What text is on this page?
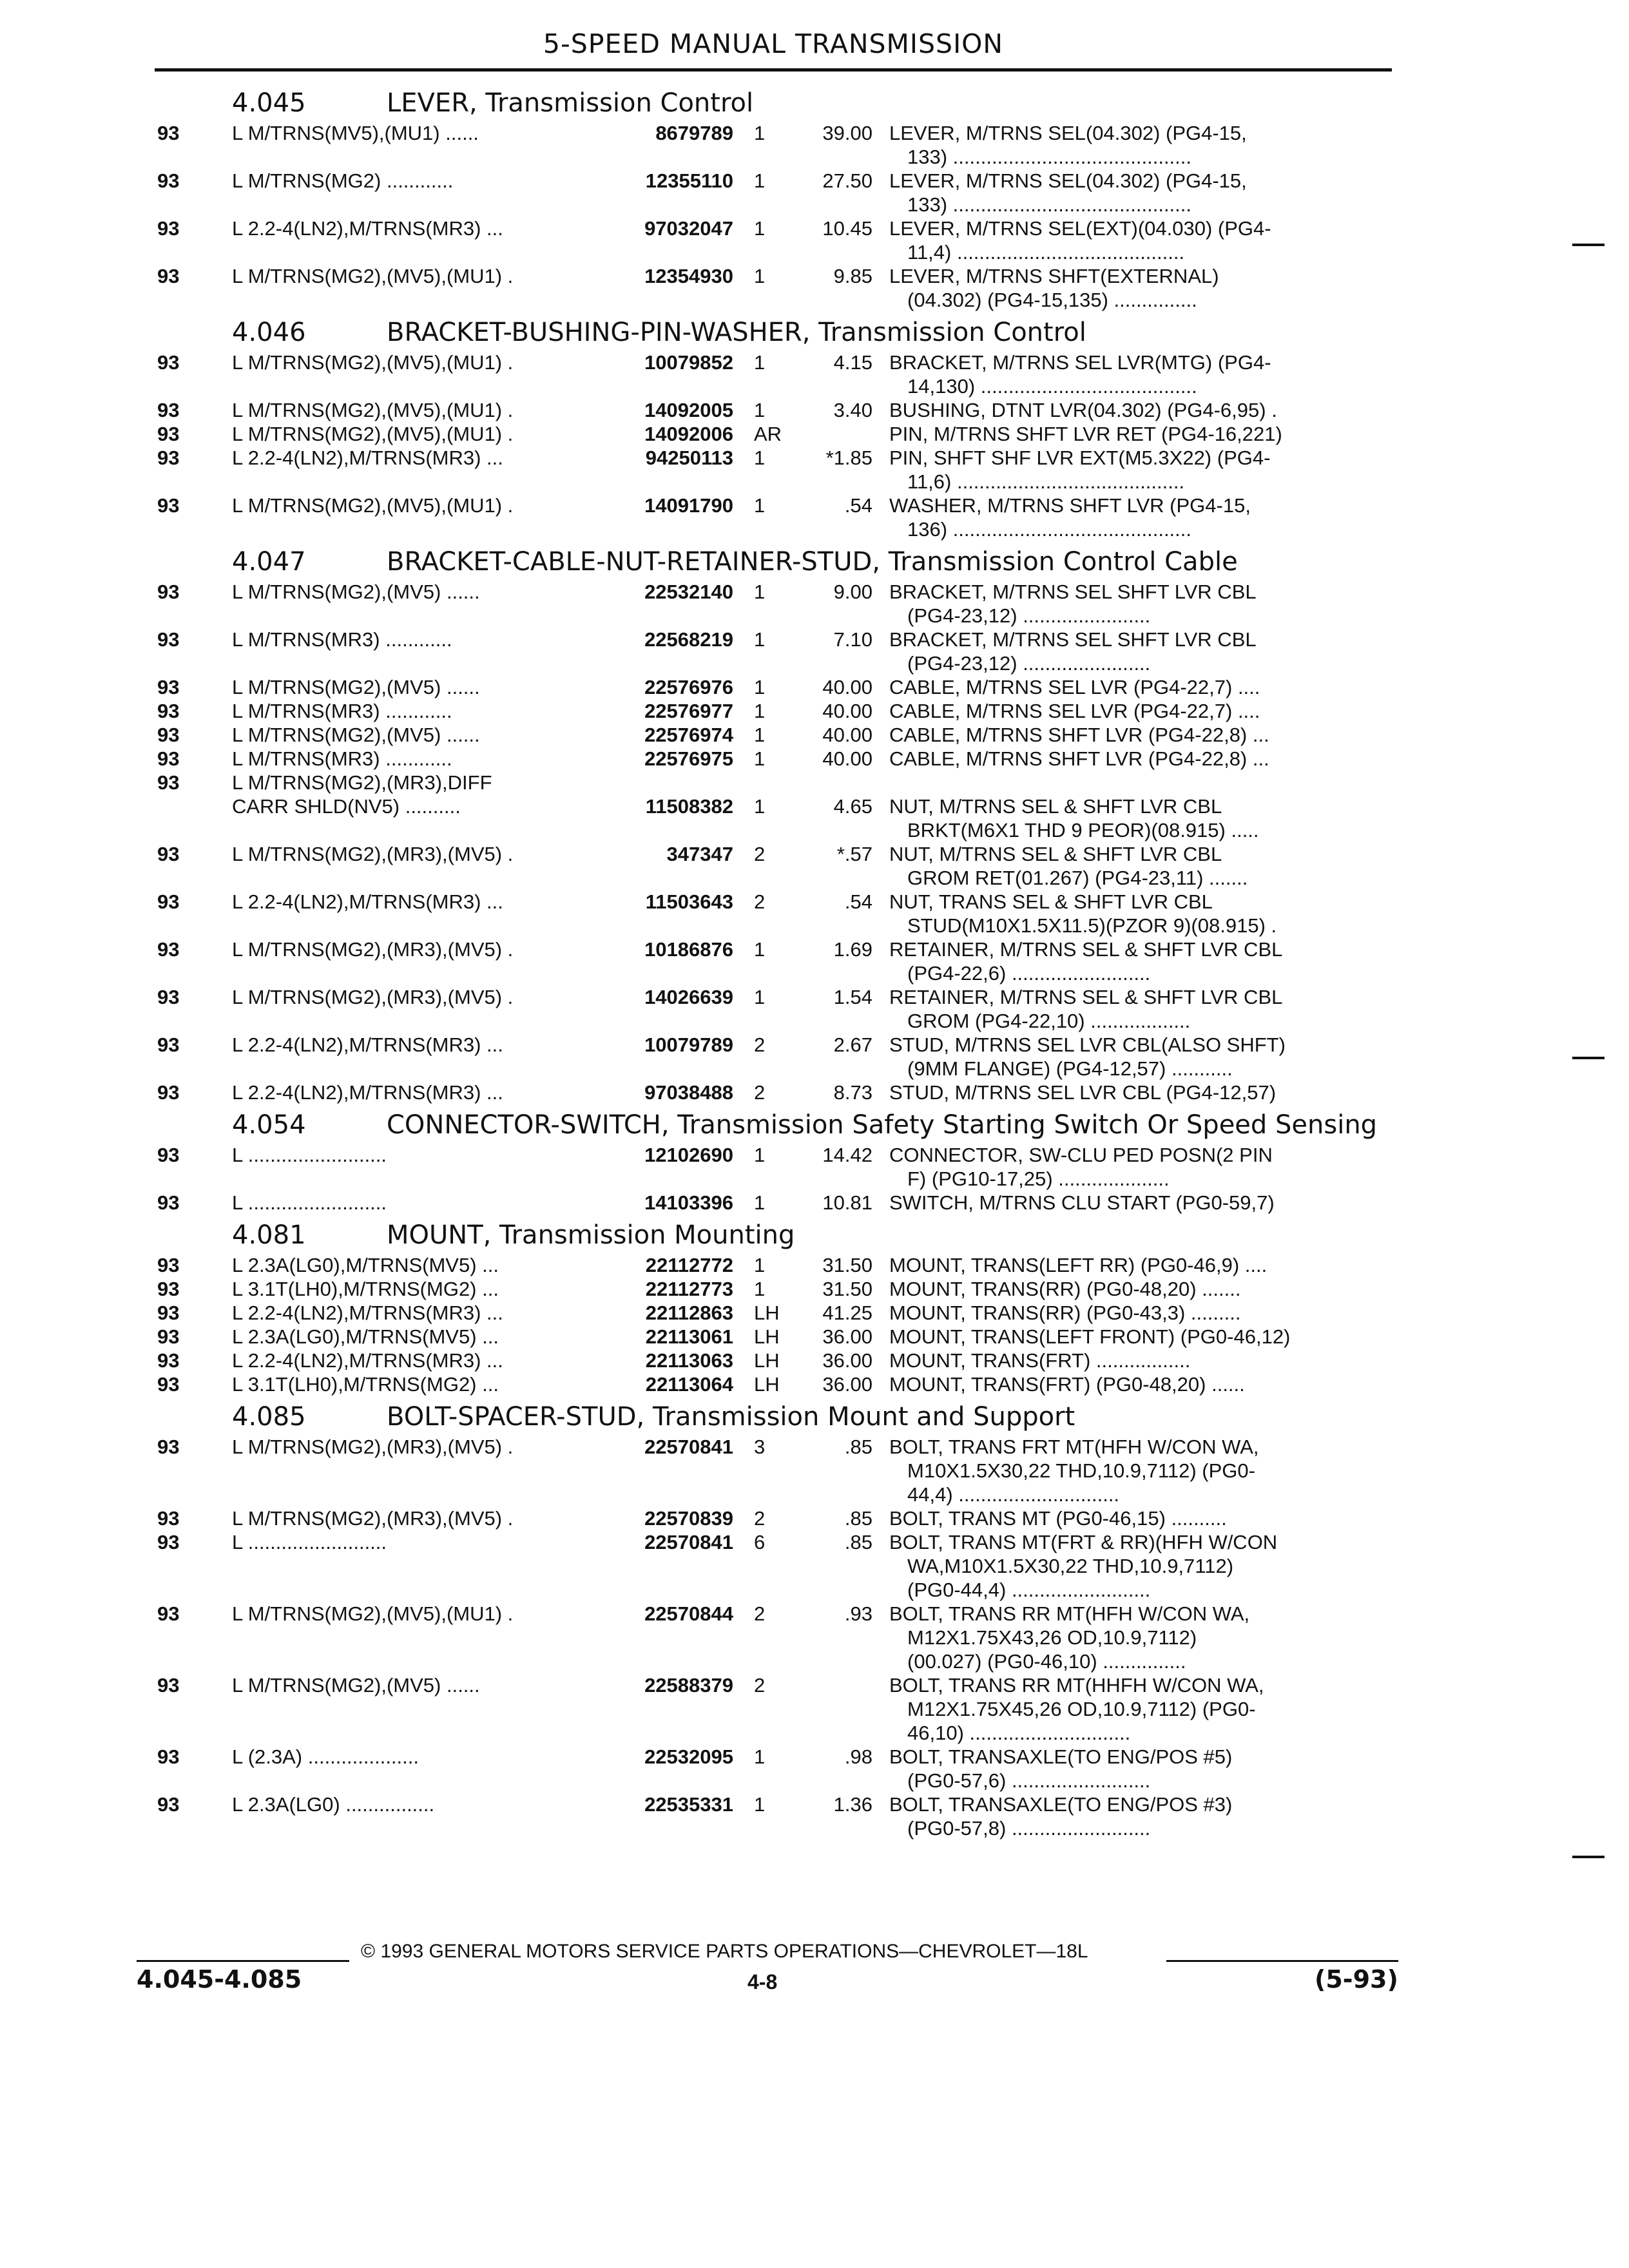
5-SPEED MANUAL TRANSMISSION
4.045	LEVER, Transmission Control
93	L M/TRNS(MV5),(MU1) ......	8679789	1	39.00 LEVER, M/TRNS SEL(04.302) (PG4-15,
133) ...........................................
93	L M/TRNS(MG2) ............	12355110	1	27.50 LEVER, M/TRNS SEL(04.302) (PG4-15,
133) ...........................................
93	L 2.2-4(LN2),M/TRNS(MR3) ...	97032047	1	10.45 LEVER, M/TRNS SEL(EXT)(04.030) (PG4-
11,4) .........................................
93	L M/TRNS(MG2),(MV5),(MU1) .	12354930	1	9.85 LEVER, M/TRNS SHFT(EXTERNAL)
(04.302) (PG4-15,135) ...............
4.046	BRACKET-BUSHING-PIN-WASHER, Transmission Control
93	L M/TRNS(MG2),(MV5),(MU1) .	10079852	1	4.15 BRACKET, M/TRNS SEL LVR(MTG) (PG4-
14,130) .......................................
93	L M/TRNS(MG2),(MV5),(MU1) .	14092005	1	3.40 BUSHING, DTNT LVR(04.302) (PG4-6,95) .
93	L M/TRNS(MG2),(MV5),(MU1) .	14092006	AR	PIN, M/TRNS SHFT LVR RET (PG4-16,221)
93	L 2.2-4(LN2),M/TRNS(MR3) ...	94250113	1	*1.85 PIN, SHFT SHF LVR EXT(M5.3X22) (PG4-
11,6) .........................................
93	L M/TRNS(MG2),(MV5),(MU1) .	14091790	1	.54 WASHER, M/TRNS SHFT LVR (PG4-15,
136) ...........................................
4.047	BRACKET-CABLE-NUT-RETAINER-STUD, Transmission Control Cable
93	L M/TRNS(MG2),(MV5) ......	22532140	1	9.00 BRACKET, M/TRNS SEL SHFT LVR CBL
(PG4-23,12) .......................
93	L M/TRNS(MR3) ............	22568219	1	7.10 BRACKET, M/TRNS SEL SHFT LVR CBL
(PG4-23,12) .......................
93	L M/TRNS(MG2),(MV5) ......	22576976	1	40.00 CABLE, M/TRNS SEL LVR (PG4-22,7) ....
93	L M/TRNS(MR3) ............	22576977	1	40.00 CABLE, M/TRNS SEL LVR (PG4-22,7) ....
93	L M/TRNS(MG2),(MV5) ......	22576974	1	40.00 CABLE, M/TRNS SHFT LVR (PG4-22,8) ...
93	L M/TRNS(MR3) ............	22576975	1	40.00 CABLE, M/TRNS SHFT LVR (PG4-22,8) ...
93	L M/TRNS(MG2),(MR3),DIFF
CARR SHLD(NV5) ..........	11508382	1	4.65 NUT, M/TRNS SEL & SHFT LVR CBL
BRKT(M6X1 THD 9 PEOR)(08.915) .....
93	L M/TRNS(MG2),(MR3),(MV5) .	347347	2	*.57 NUT, M/TRNS SEL & SHFT LVR CBL
GROM RET(01.267) (PG4-23,11) .......
93	L 2.2-4(LN2),M/TRNS(MR3) ...	11503643	2	.54 NUT, TRANS SEL & SHFT LVR CBL
STUD(M10X1.5X11.5)(PZOR 9)(08.915) .
93	L M/TRNS(MG2),(MR3),(MV5) .	10186876	1	1.69 RETAINER, M/TRNS SEL & SHFT LVR CBL
(PG4-22,6) .........................
93	L M/TRNS(MG2),(MR3),(MV5) .	14026639	1	1.54 RETAINER, M/TRNS SEL & SHFT LVR CBL
GROM (PG4-22,10) ..................
93	L 2.2-4(LN2),M/TRNS(MR3) ...	10079789	2	2.67 STUD, M/TRNS SEL LVR CBL(ALSO SHFT)
(9MM FLANGE) (PG4-12,57) ...........
93	L 2.2-4(LN2),M/TRNS(MR3) ...	97038488	2	8.73 STUD, M/TRNS SEL LVR CBL (PG4-12,57)
4.054	CONNECTOR-SWITCH, Transmission Safety Starting Switch Or Speed Sensing
93	L .........................	12102690	1	14.42 CONNECTOR, SW-CLU PED POSN(2 PIN
F) (PG10-17,25) ....................
93	L .........................	14103396	1	10.81 SWITCH, M/TRNS CLU START (PG0-59,7)
4.081	MOUNT, Transmission Mounting
93	L 2.3A(LG0),M/TRNS(MV5) ...	22112772	1	31.50 MOUNT, TRANS(LEFT RR) (PG0-46,9) ....
93	L 3.1T(LH0),M/TRNS(MG2) ...	22112773	1	31.50 MOUNT, TRANS(RR) (PG0-48,20) .......
93	L 2.2-4(LN2),M/TRNS(MR3) ...	22112863	LH	41.25 MOUNT, TRANS(RR) (PG0-43,3) .........
93	L 2.3A(LG0),M/TRNS(MV5) ...	22113061	LH	36.00 MOUNT, TRANS(LEFT FRONT) (PG0-46,12)
93	L 2.2-4(LN2),M/TRNS(MR3) ...	22113063	LH	36.00 MOUNT, TRANS(FRT) .................
93	L 3.1T(LH0),M/TRNS(MG2) ...	22113064	LH	36.00 MOUNT, TRANS(FRT) (PG0-48,20) ......
4.085	BOLT-SPACER-STUD, Transmission Mount and Support
93	L M/TRNS(MG2),(MR3),(MV5) .	22570841	3	.85 BOLT, TRANS FRT MT(HFH W/CON WA,
M10X1.5X30,22 THD,10.9,7112) (PG0-
44,4) .............................
93	L M/TRNS(MG2),(MR3),(MV5) .	22570839	2	.85 BOLT, TRANS MT (PG0-46,15) ..........
93	L .........................	22570841	6	.85 BOLT, TRANS MT(FRT & RR)(HFH W/CON
WA,M10X1.5X30,22 THD,10.9,7112)
(PG0-44,4) .........................
93	L M/TRNS(MG2),(MV5),(MU1) .	22570844	2	.93 BOLT, TRANS RR MT(HFH W/CON WA,
M12X1.75X43,26 OD,10.9,7112)
(00.027) (PG0-46,10) ...............
93	L M/TRNS(MG2),(MV5) ......	22588379	2	BOLT, TRANS RR MT(HHFH W/CON WA,
M12X1.75X45,26 OD,10.9,7112) (PG0-
46,10) .............................
93	L (2.3A) ....................	22532095	1	.98 BOLT, TRANSAXLE(TO ENG/POS #5)
(PG0-57,6) .........................
93	L 2.3A(LG0) ................	22535331	1	1.36 BOLT, TRANSAXLE(TO ENG/POS #3)
(PG0-57,8) .........................
© 1993 GENERAL MOTORS SERVICE PARTS OPERATIONS—CHEVROLET—18L
4.045-4.085	4-8	(5-93)
